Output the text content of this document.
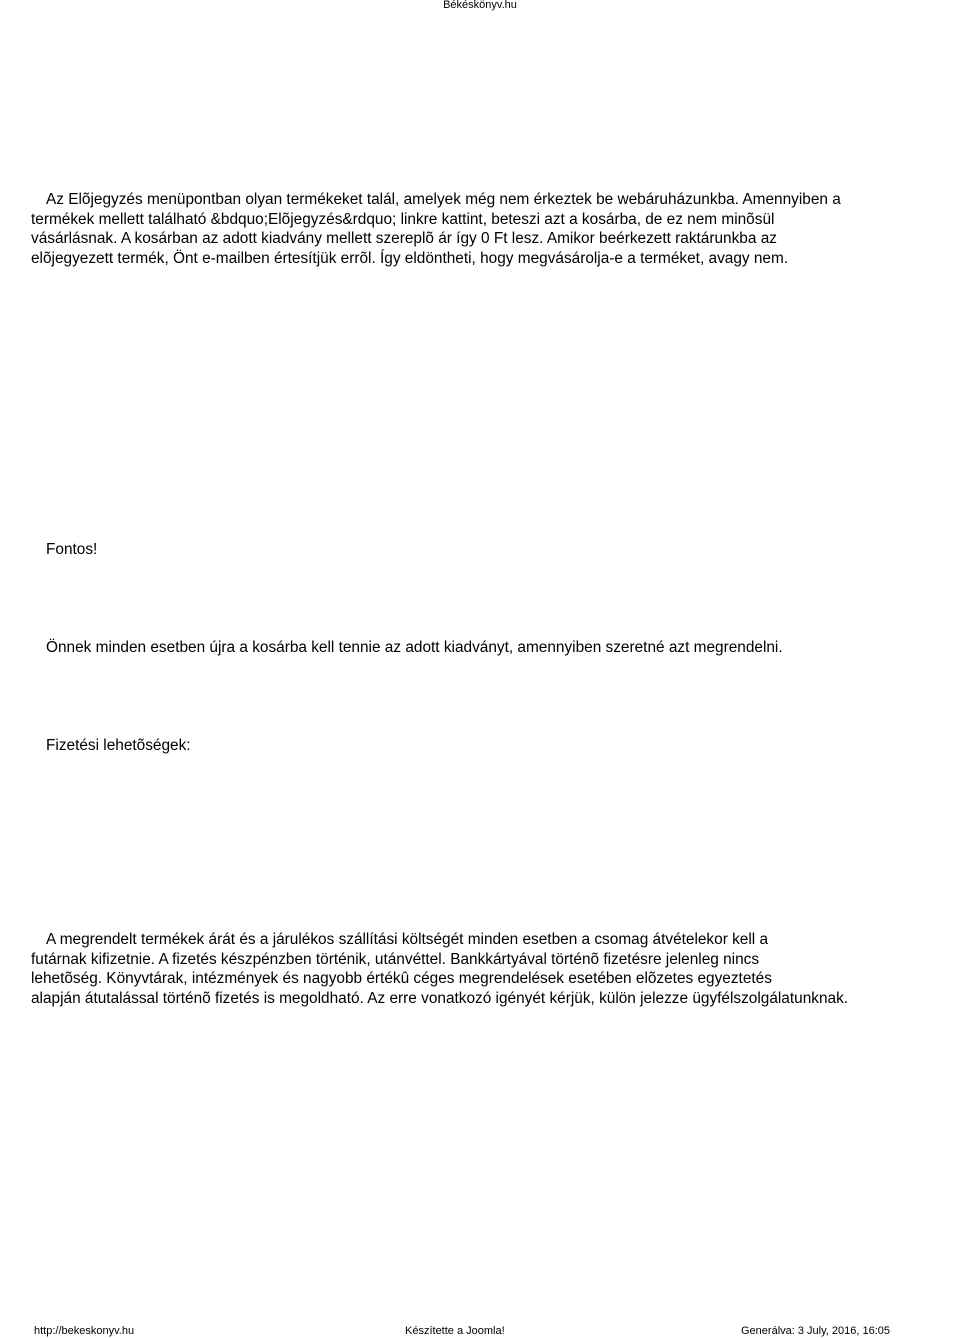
Békéskönyv.hu
Az Elõjegyzés menüpontban olyan termékeket talál, amelyek még nem érkeztek be webáruházunkba. Amennyiben a
termékek mellett található &bdquo;Elõjegyzés&rdquo; linkre kattint, beteszi azt a kosárba, de ez nem minõsül
vásárlásnak. A kosárban az adott kiadvány mellett szereplõ ár így 0 Ft lesz. Amikor beérkezett raktárunkba az
elõjegyezett termék, Önt e-mailben értesítjük errõl. Így eldöntheti, hogy megvásárolja-e a terméket, avagy nem.

Fontos!

Önnek minden esetben újra a kosárba kell tennie az adott kiadványt, amennyiben szeretné azt megrendelni.

Fizetési lehetõségek:

A megrendelt termékek árát és a járulékos szállítási költségét minden esetben a csomag átvételekor kell a
futárnak kifizetnie. A fizetés készpénzben történik, utánvéttel. Bankkártyával történõ fizetésre jelenleg nincs
lehetõség. Könyvtárak, intézmények és nagyobb értékû céges megrendelések esetében elõzetes egyeztetés
alapján átutalással történõ fizetés is megoldható. Az erre vonatkozó igényét kérjük, külön jelezze ügyfélszolgálatunknak.
http://bekeskonyv.hu	Készítette a Joomla!	Generálva: 3 July, 2016, 16:05
